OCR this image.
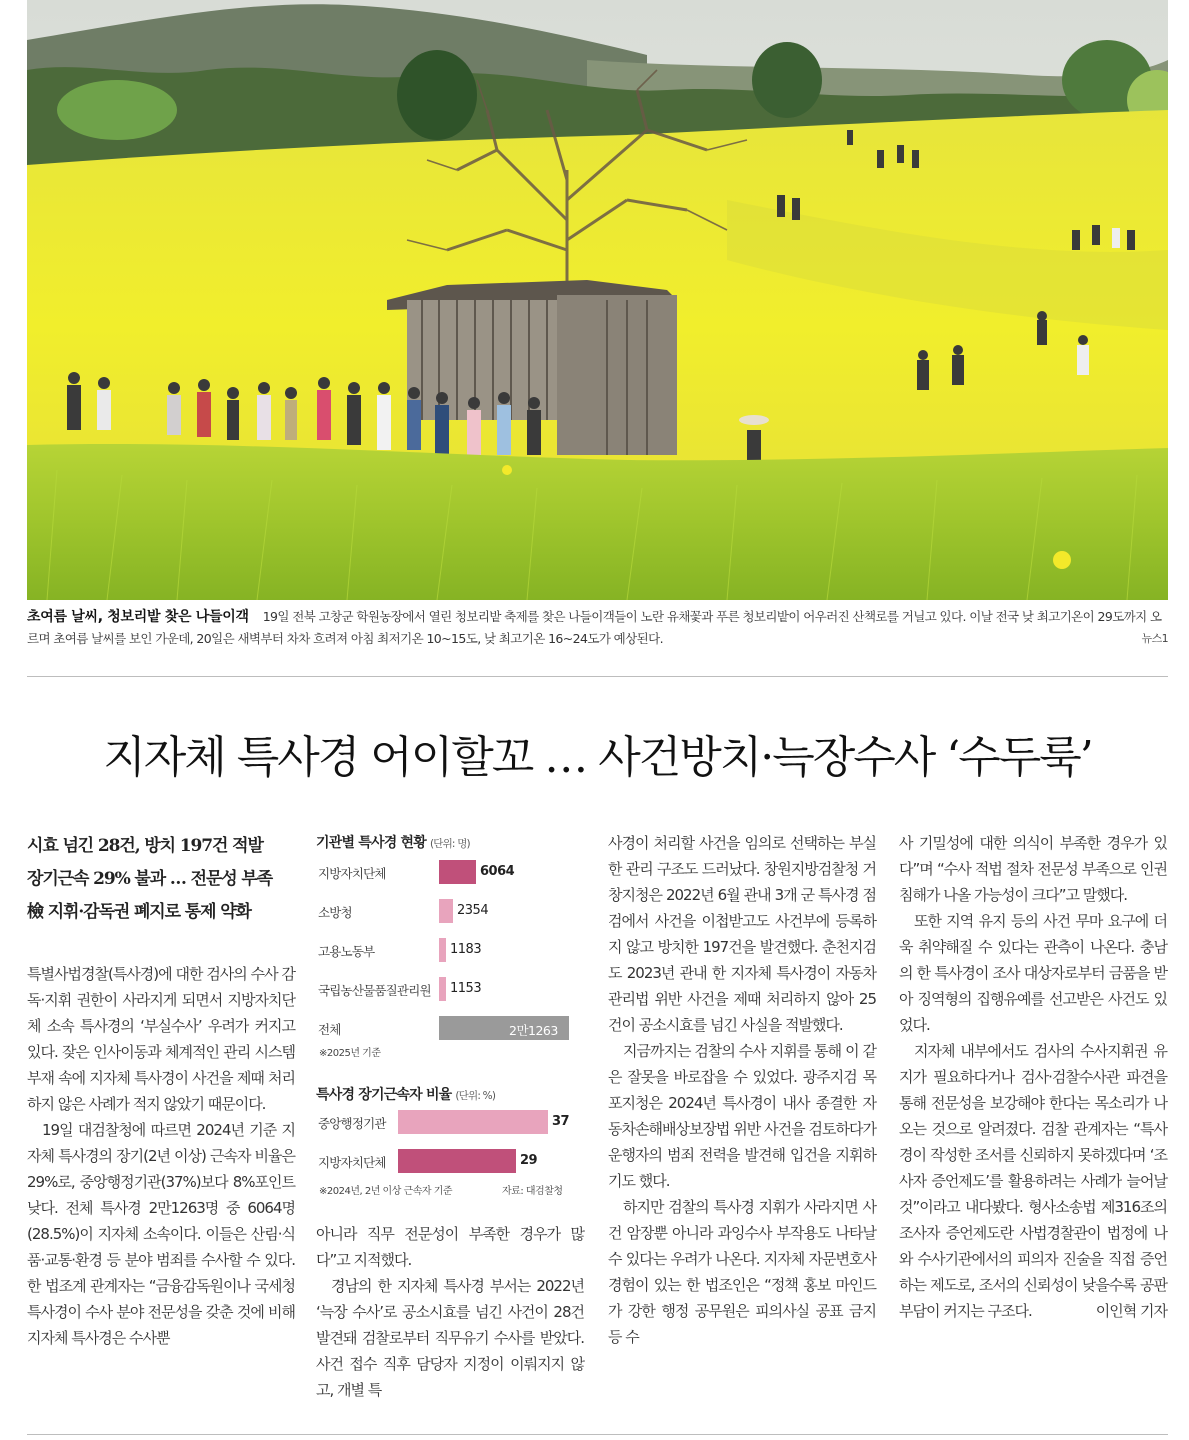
초여름 날씨, 청보리밭 찾은 나들이객 19일 전북 고창군 학원농장에서 열린 청보리밭 축제를 찾은 나들이객들이 노란 유채꽃과 푸른 청보리밭이 어우러진 산책로를 거닐고 있다. 이날 전국 낮 최고기온이 29도까지 오르며 초여름 날씨를 보인 가운데, 20일은 새벽부터 차차 흐려져 아침 최저기온 10~15도, 낮 최고기온 16~24도가 예상된다.	뉴스1
지자체 특사경 어이할꼬 … 사건방치·늑장수사 ‘수두룩’
시효 넘긴 28건, 방치 197건 적발
장기근속 29% 불과 … 전문성 부족
檢 지휘·감독권 폐지로 통제 약화

특별사법경찰(특사경)에 대한 검사의 수사 감독·지휘 권한이 사라지게 되면서 지방자치단체 소속 특사경의 ‘부실수사’ 우려가 커지고 있다. 잦은 인사이동과 체계적인 관리 시스템 부재 속에 지자체 특사경이 사건을 제때 처리하지 않은 사례가 적지 않았기 때문이다.

19일 대검찰청에 따르면 2024년 기준 지자체 특사경의 장기(2년 이상) 근속자 비율은 29%로, 중앙행정기관(37%)보다 8%포인트 낮다. 전체 특사경 2만1263명 중 6064명(28.5%)이 지자체 소속이다. 이들은 산림·식품·교통·환경 등 분야 범죄를 수사할 수 있다. 한 법조계 관계자는 “금융감독원이나 국세청 특사경이 수사 분야 전문성을 갖춘 것에 비해 지자체 특사경은 수사뿐

기관별 특사경 현황 (단위: 명)
지방자치단체	6064
소방청	2354
고용노동부	1183
국립농산물품질관리원 1153
전체	2만1263
※2025년 기준
특사경 장기근속자 비율 (단위: %)
중앙행정기관	37
지방자치단체	29
※2024년, 2년 이상 근속자 기준	자료: 대검찰청

아니라 직무 전문성이 부족한 경우가 많다”고 지적했다.

경남의 한 지자체 특사경 부서는 2022년 ‘늑장 수사’로 공소시효를 넘긴 사건이 28건 발견돼 검찰로부터 직무유기 수사를 받았다. 사건 접수 직후 담당자 지정이 이뤄지지 않고, 개별 특

사경이 처리할 사건을 임의로 선택하는 부실한 관리 구조도 드러났다. 창원지방검찰청 거창지청은 2022년 6월 관내 3개 군 특사경 점검에서 사건을 이첩받고도 사건부에 등록하지 않고 방치한 197건을 발견했다. 춘천지검도 2023년 관내 한 지자체 특사경이 자동차관리법 위반 사건을 제때 처리하지 않아 25건이 공소시효를 넘긴 사실을 적발했다.

지금까지는 검찰의 수사 지휘를 통해 이 같은 잘못을 바로잡을 수 있었다. 광주지검 목포지청은 2024년 특사경이 내사 종결한 자동차손해배상보장법 위반 사건을 검토하다가 운행자의 범죄 전력을 발견해 입건을 지휘하기도 했다.

하지만 검찰의 특사경 지휘가 사라지면 사건 암장뿐 아니라 과잉수사 부작용도 나타날 수 있다는 우려가 나온다. 지자체 자문변호사 경험이 있는 한 법조인은 “정책 홍보 마인드가 강한 행정 공무원은 피의사실 공표 금지 등 수

사 기밀성에 대한 의식이 부족한 경우가 있다”며 “수사 적법 절차 전문성 부족으로 인권침해가 나올 가능성이 크다”고 말했다.

또한 지역 유지 등의 사건 무마 요구에 더욱 취약해질 수 있다는 관측이 나온다. 충남의 한 특사경이 조사 대상자로부터 금품을 받아 징역형의 집행유예를 선고받은 사건도 있었다.

지자체 내부에서도 검사의 수사지휘권 유지가 필요하다거나 검사·검찰수사관 파견을 통해 전문성을 보강해야 한다는 목소리가 나오는 것으로 알려졌다. 검찰 관계자는 “특사경이 작성한 조서를 신뢰하지 못하겠다며 ‘조사자 증언제도’를 활용하려는 사례가 늘어날 것”이라고 내다봤다. 형사소송법 제316조의 조사자 증언제도란 사법경찰관이 법정에 나와 수사기관에서의 피의자 진술을 직접 증언하는 제도로, 조서의 신뢰성이 낮을수록 공판 부담이 커지는 구조다.	이인혁 기자
